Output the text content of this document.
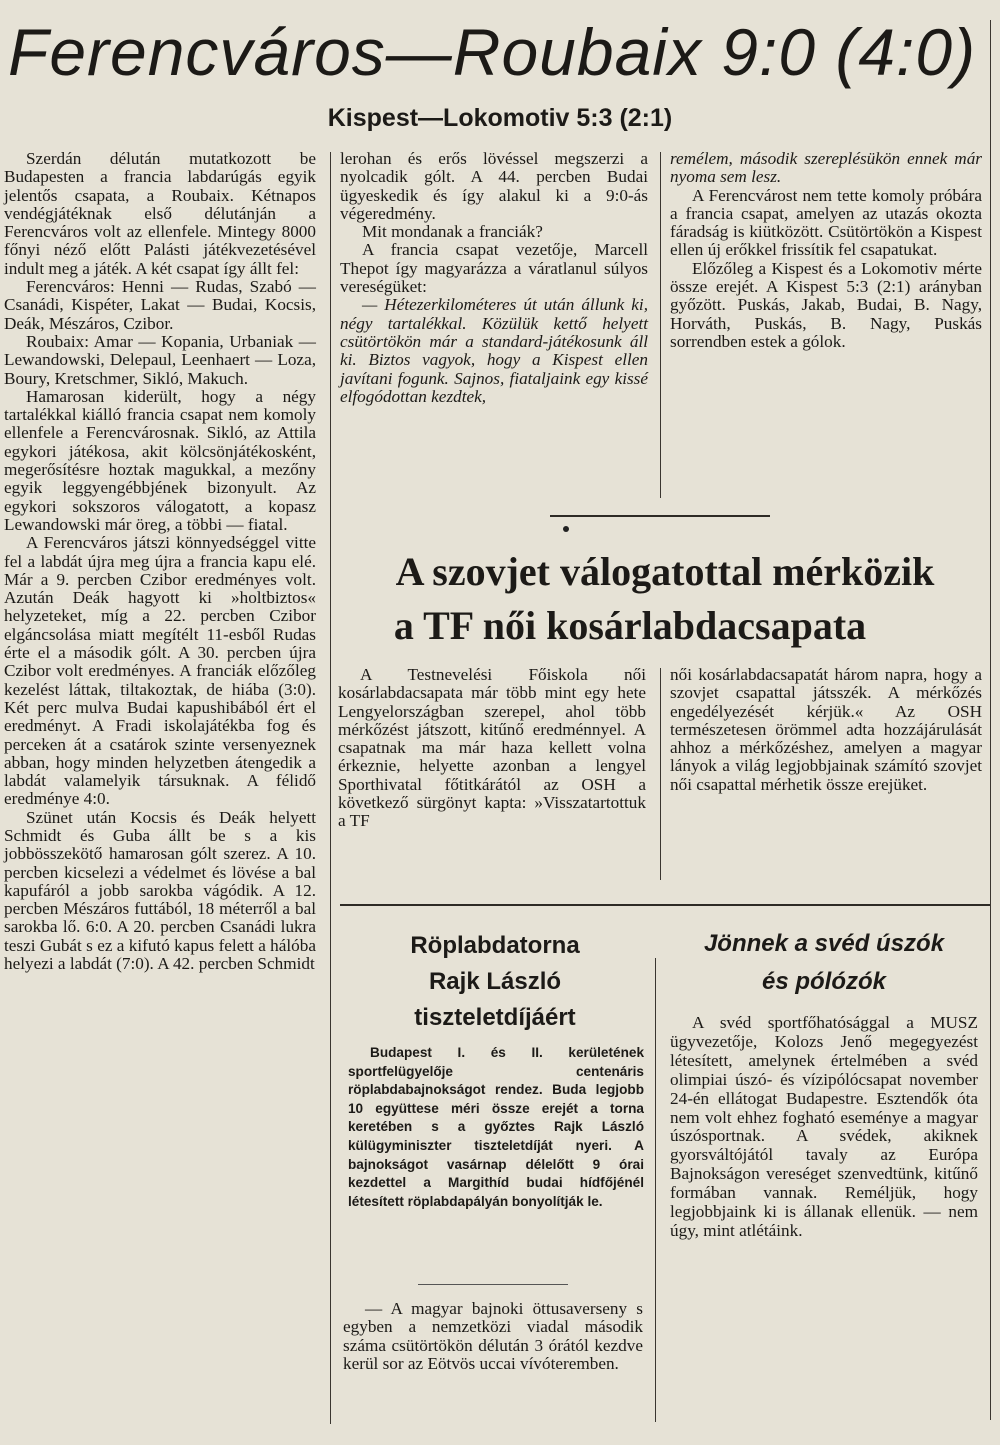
Ferencváros—Roubaix 9:0 (4:0)
Kispest—Lokomotiv 5:3 (2:1)

Szerdán délután mutatkozott be Budapesten a francia labdarúgás egyik jelentős csapata, a Roubaix. Kétnapos vendégjátéknak első délutánján a Ferencváros volt az ellenfele. Mintegy 8000 főnyi néző előtt Palásti játékvezetésével indult meg a játék. A két csapat így állt fel:

Ferencváros: Henni — Rudas, Szabó — Csanádi, Kispéter, Lakat — Budai, Kocsis, Deák, Mészáros, Czibor.

Roubaix: Amar — Kopania, Urbaniak — Lewandowski, Delepaul, Leenhaert — Loza, Boury, Kretschmer, Sikló, Makuch.

Hamarosan kiderült, hogy a négy tartalékkal kiálló francia csapat nem komoly ellenfele a Ferencvárosnak. Sikló, az Attila egykori játékosa, akit kölcsönjátékosként, megerősítésre hoztak magukkal, a mezőny egyik leggyengébbjének bizonyult. Az egykori sokszoros válogatott, a kopasz Lewandowski már öreg, a többi — fiatal.

A Ferencváros játszi könnyedséggel vitte fel a labdát újra meg újra a francia kapu elé. Már a 9. percben Czibor eredményes volt. Azután Deák hagyott ki »holtbiztos« helyzeteket, míg a 22. percben Czibor elgáncsolása miatt megítélt 11-esből Rudas érte el a második gólt. A 30. percben újra Czibor volt eredményes. A franciák előzőleg kezelést láttak, tiltakoztak, de hiába (3:0). Két perc mulva Budai kapushibából ért el eredményt. A Fradi iskolajátékba fog és perceken át a csatárok szinte versenyeznek abban, hogy minden helyzetben átengedik a labdát valamelyik társuknak. A félidő eredménye 4:0.

Szünet után Kocsis és Deák helyett Schmidt és Guba állt be s a kis jobbösszekötő hamarosan gólt szerez. A 10. percben kicselezi a védelmet és lövése a bal kapufáról a jobb sarokba vágódik. A 12. percben Mészáros futtából, 18 méterről a bal sarokba lő. 6:0. A 20. percben Csanádi lukra teszi Gubát s ez a kifutó kapus felett a hálóba helyezi a labdát (7:0). A 42. percben Schmidt

lerohan és erős lövéssel megszerzi a nyolcadik gólt. A 44. percben Budai ügyeskedik és így alakul ki a 9:0-ás végeredmény.

Mit mondanak a franciák?

A francia csapat vezetője, Marcell Thepot így magyarázza a váratlanul súlyos vereségüket:

— Hétezerkilométeres út után állunk ki, négy tartalékkal. Közülük kettő helyett csütörtökön már a standard-játékosunk áll ki. Biztos vagyok, hogy a Kispest ellen javítani fogunk. Sajnos, fiataljaink egy kissé elfogódottan kezdtek,

remélem, második szereplésükön ennek már nyoma sem lesz.

A Ferencvárost nem tette komoly próbára a francia csapat, amelyen az utazás okozta fáradság is kiütközött. Csütörtökön a Kispest ellen új erőkkel frissítik fel csapatukat.

Előzőleg a Kispest és a Lokomotiv mérte össze erejét. A Kispest 5:3 (2:1) arányban győzött. Puskás, Jakab, Budai, B. Nagy, Horváth, Puskás, B. Nagy, Puskás sorrendben estek a gólok.

A szovjet válogatottal mérközik
a TF női kosárlabdacsapata

A Testnevelési Főiskola női kosárlabdacsapata már több mint egy hete Lengyelországban szerepel, ahol több mérkőzést játszott, kitűnő eredménnyel. A csapatnak ma már haza kellett volna érkeznie, helyette azonban a lengyel Sporthivatal főtitkárától az OSH a következő sürgönyt kapta: »Visszatartottuk a TF

női kosárlabdacsapatát három napra, hogy a szovjet csapattal játsszék. A mérkőzés engedélyezését kérjük.« Az OSH természetesen örömmel adta hozzájárulását ahhoz a mérkőzéshez, amelyen a magyar lányok a világ legjobbjainak számító szovjet női csapattal mérhetik össze erejüket.

Röplabdatorna
Rajk László
tiszteletdíjáért

Budapest I. és II. kerületének sportfelügyelője centenáris röplabdabajnokságot rendez. Buda legjobb 10 együttese méri össze erejét a torna keretében s a győztes Rajk László külügyminiszter tiszteletdíját nyeri. A bajnokságot vasárnap délelőtt 9 órai kezdettel a Margithíd budai hídfőjénél létesített röplabdapályán bonyolítják le.

— A magyar bajnoki öttusaverseny s egyben a nemzetközi viadal második száma csütörtökön délután 3 órától kezdve kerül sor az Eötvös uccai vívóteremben.

Jönnek a svéd úszók
és pólózók

A svéd sportfőhatósággal a MUSZ ügyvezetője, Kolozs Jenő megegyezést létesített, amelynek értelmében a svéd olimpiai úszó- és vízipólócsapat november 24-én ellátogat Budapestre. Esztendők óta nem volt ehhez fogható eseménye a magyar úszósportnak. A svédek, akiknek gyorsváltójától tavaly az Európa Bajnokságon vereséget szenvedtünk, kitűnő formában vannak. Reméljük, hogy legjobbjaink ki is állanak ellenük. — nem úgy, mint atlétáink.
